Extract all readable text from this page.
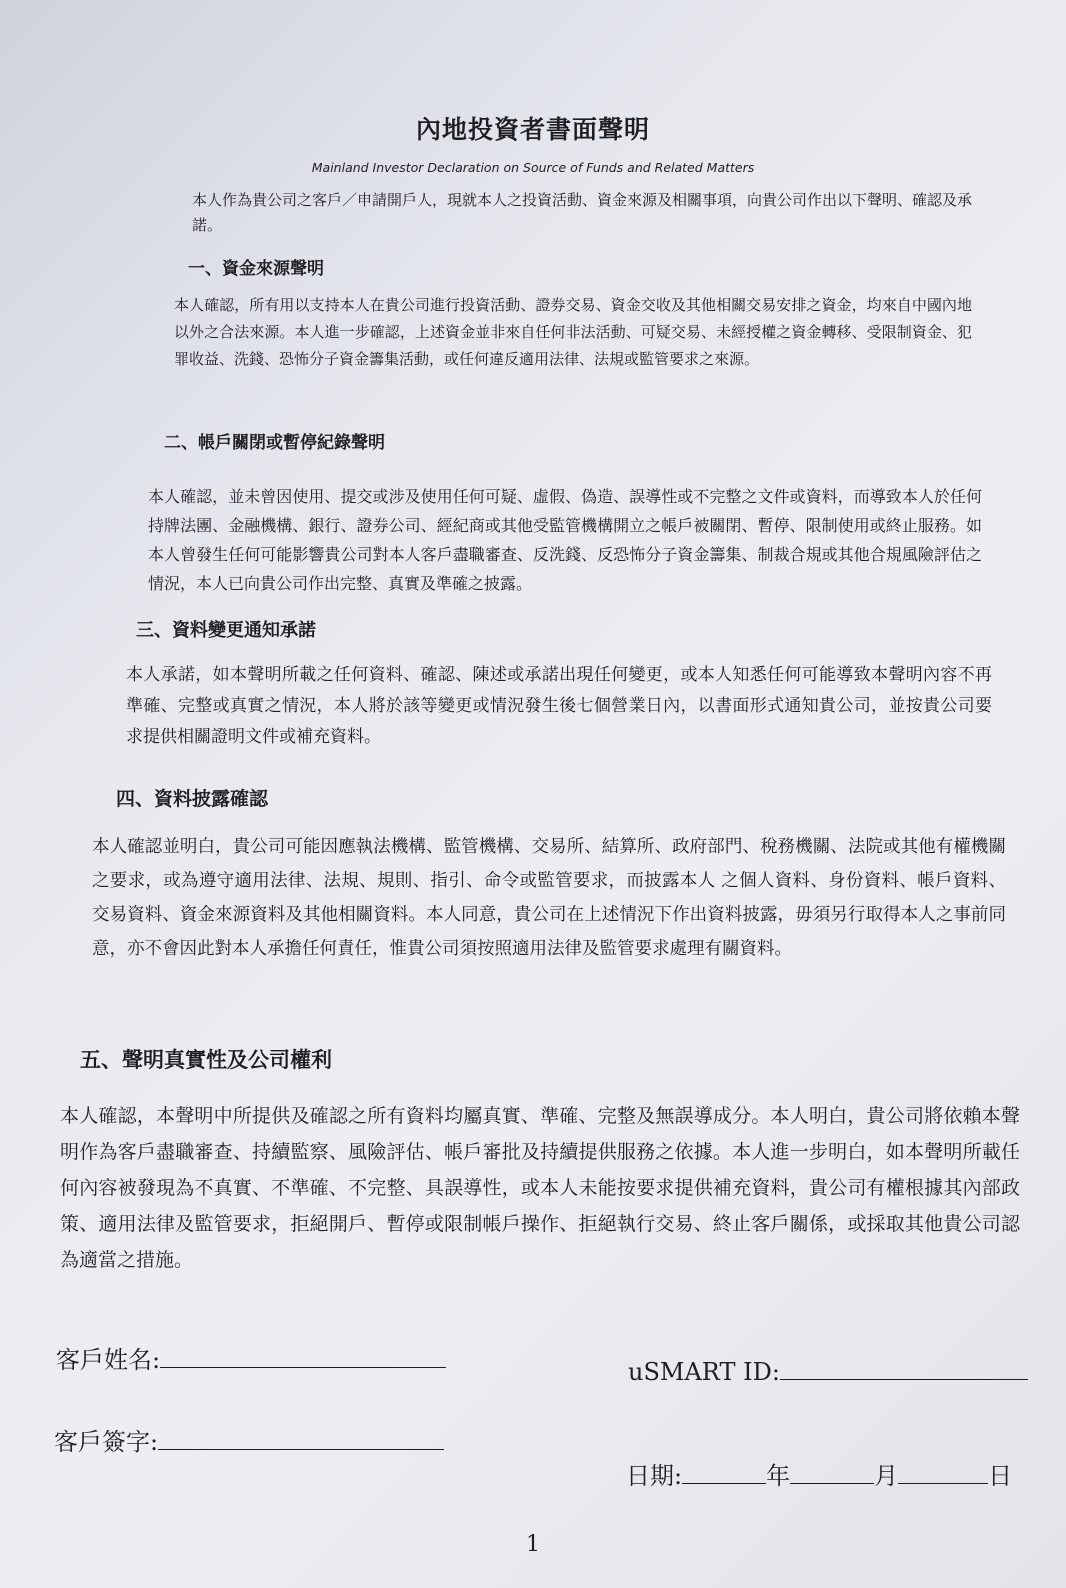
內地投資者書面聲明
Mainland Investor Declaration on Source of Funds and Related Matters
本人作為貴公司之客戶／申請開戶人，現就本人之投資活動、資金來源及相關事項，向貴公司作出以下聲明、確認及承諾。
一、資金來源聲明
本人確認，所有用以支持本人在貴公司進行投資活動、證券交易、資金交收及其他相關交易安排之資金，均來自中國內地以外之合法來源。本人進一步確認，上述資金並非來自任何非法活動、可疑交易、未經授權之資金轉移、受限制資金、犯罪收益、洗錢、恐怖分子資金籌集活動，或任何違反適用法律、法規或監管要求之來源。
二、帳戶關閉或暫停紀錄聲明
本人確認，並未曾因使用、提交或涉及使用任何可疑、虛假、偽造、誤導性或不完整之文件或資料，而導致本人於任何持牌法團、金融機構、銀行、證券公司、經紀商或其他受監管機構開立之帳戶被關閉、暫停、限制使用或終止服務。如本人曾發生任何可能影響貴公司對本人客戶盡職審查、反洗錢、反恐怖分子資金籌集、制裁合規或其他合規風險評估之情況，本人已向貴公司作出完整、真實及準確之披露。
三、資料變更通知承諾
本人承諾，如本聲明所載之任何資料、確認、陳述或承諾出現任何變更，或本人知悉任何可能導致本聲明內容不再準確、完整或真實之情況，本人將於該等變更或情況發生後七個營業日內，以書面形式通知貴公司，並按貴公司要求提供相關證明文件或補充資料。
四、資料披露確認
本人確認並明白，貴公司可能因應執法機構、監管機構、交易所、結算所、政府部門、稅務機關、法院或其他有權機關之要求，或為遵守適用法律、法規、規則、指引、命令或監管要求，而披露本人 之個人資料、身份資料、帳戶資料、交易資料、資金來源資料及其他相關資料。本人同意，貴公司在上述情況下作出資料披露，毋須另行取得本人之事前同意，亦不會因此對本人承擔任何責任，惟貴公司須按照適用法律及監管要求處理有關資料。
五、聲明真實性及公司權利
本人確認，本聲明中所提供及確認之所有資料均屬真實、準確、完整及無誤導成分。本人明白，貴公司將依賴本聲明作為客戶盡職審查、持續監察、風險評估、帳戶審批及持續提供服務之依據。本人進一步明白，如本聲明所載任何內容被發現為不真實、不準確、不完整、具誤導性，或本人未能按要求提供補充資料，貴公司有權根據其內部政策、適用法律及監管要求，拒絕開戶、暫停或限制帳戶操作、拒絕執行交易、終止客戶關係，或採取其他貴公司認為適當之措施。
客戶姓名:	uSMART ID:
客戶簽字:
日期:	年	月	日
1
